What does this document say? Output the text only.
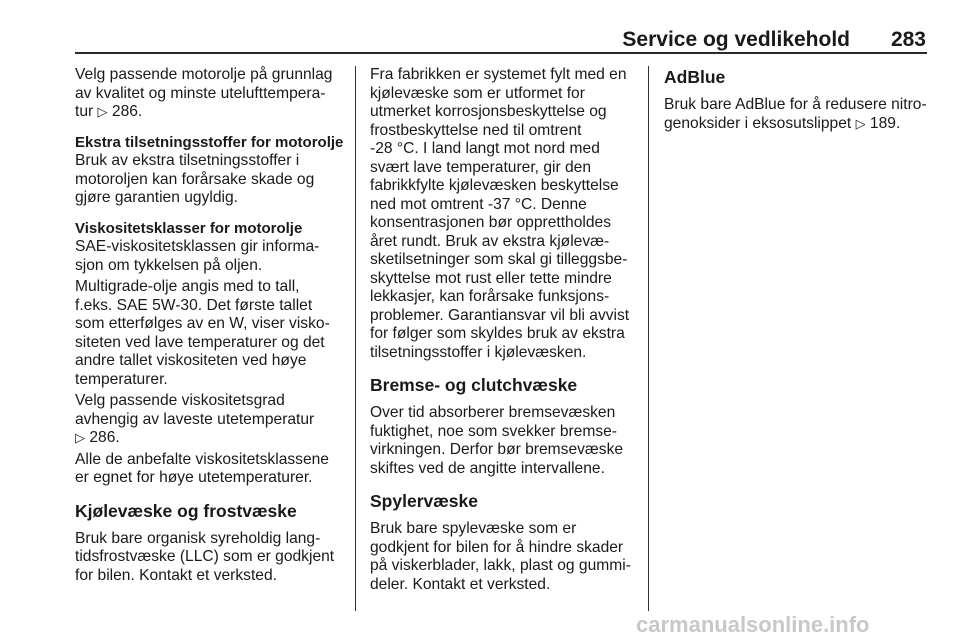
Service og vedlikehold	283
Velg passende motorolje på grunnlag
av kvalitet og minste utelufttempera-
tur ▷ 286.
Ekstra tilsetningsstoffer for motorolje
Bruk av ekstra tilsetningsstoffer i
motoroljen kan forårsake skade og
gjøre garantien ugyldig.
Viskositetsklasser for motorolje
SAE-viskositetsklassen gir informa-
sjon om tykkelsen på oljen.
Multigrade-olje angis med to tall,
f.eks. SAE 5W-30. Det første tallet
som etterfølges av en W, viser visko-
siteten ved lave temperaturer og det
andre tallet viskositeten ved høye
temperaturer.
Velg passende viskositetsgrad
avhengig av laveste utetemperatur
▷ 286.
Alle de anbefalte viskositetsklassene
er egnet for høye utetemperaturer.
Kjølevæske og frostvæske
Bruk bare organisk syreholdig lang-
tidsfrostvæske (LLC) som er godkjent
for bilen. Kontakt et verksted.
Fra fabrikken er systemet fylt med en
kjølevæske som er utformet for
utmerket korrosjonsbeskyttelse og
frostbeskyttelse ned til omtrent
-28 °C. I land langt mot nord med
svært lave temperaturer, gir den
fabrikkfylte kjølevæsken beskyttelse
ned mot omtrent -37 °C. Denne
konsentrasjonen bør opprettholdes
året rundt. Bruk av ekstra kjølevæ-
sketilsetninger som skal gi tilleggsbe-
skyttelse mot rust eller tette mindre
lekkasjer, kan forårsake funksjons-
problemer. Garantiansvar vil bli avvist
for følger som skyldes bruk av ekstra
tilsetningsstoffer i kjølevæsken.
Bremse- og clutchvæske
Over tid absorberer bremsevæsken
fuktighet, noe som svekker bremse-
virkningen. Derfor bør bremsevæske
skiftes ved de angitte intervallene.
Spylervæske
Bruk bare spylevæske som er
godkjent for bilen for å hindre skader
på viskerblader, lakk, plast og gummi-
deler. Kontakt et verksted.
AdBlue
Bruk bare AdBlue for å redusere nitro-
genoksider i eksosutslippet ▷ 189.
carmanualsonline.info
